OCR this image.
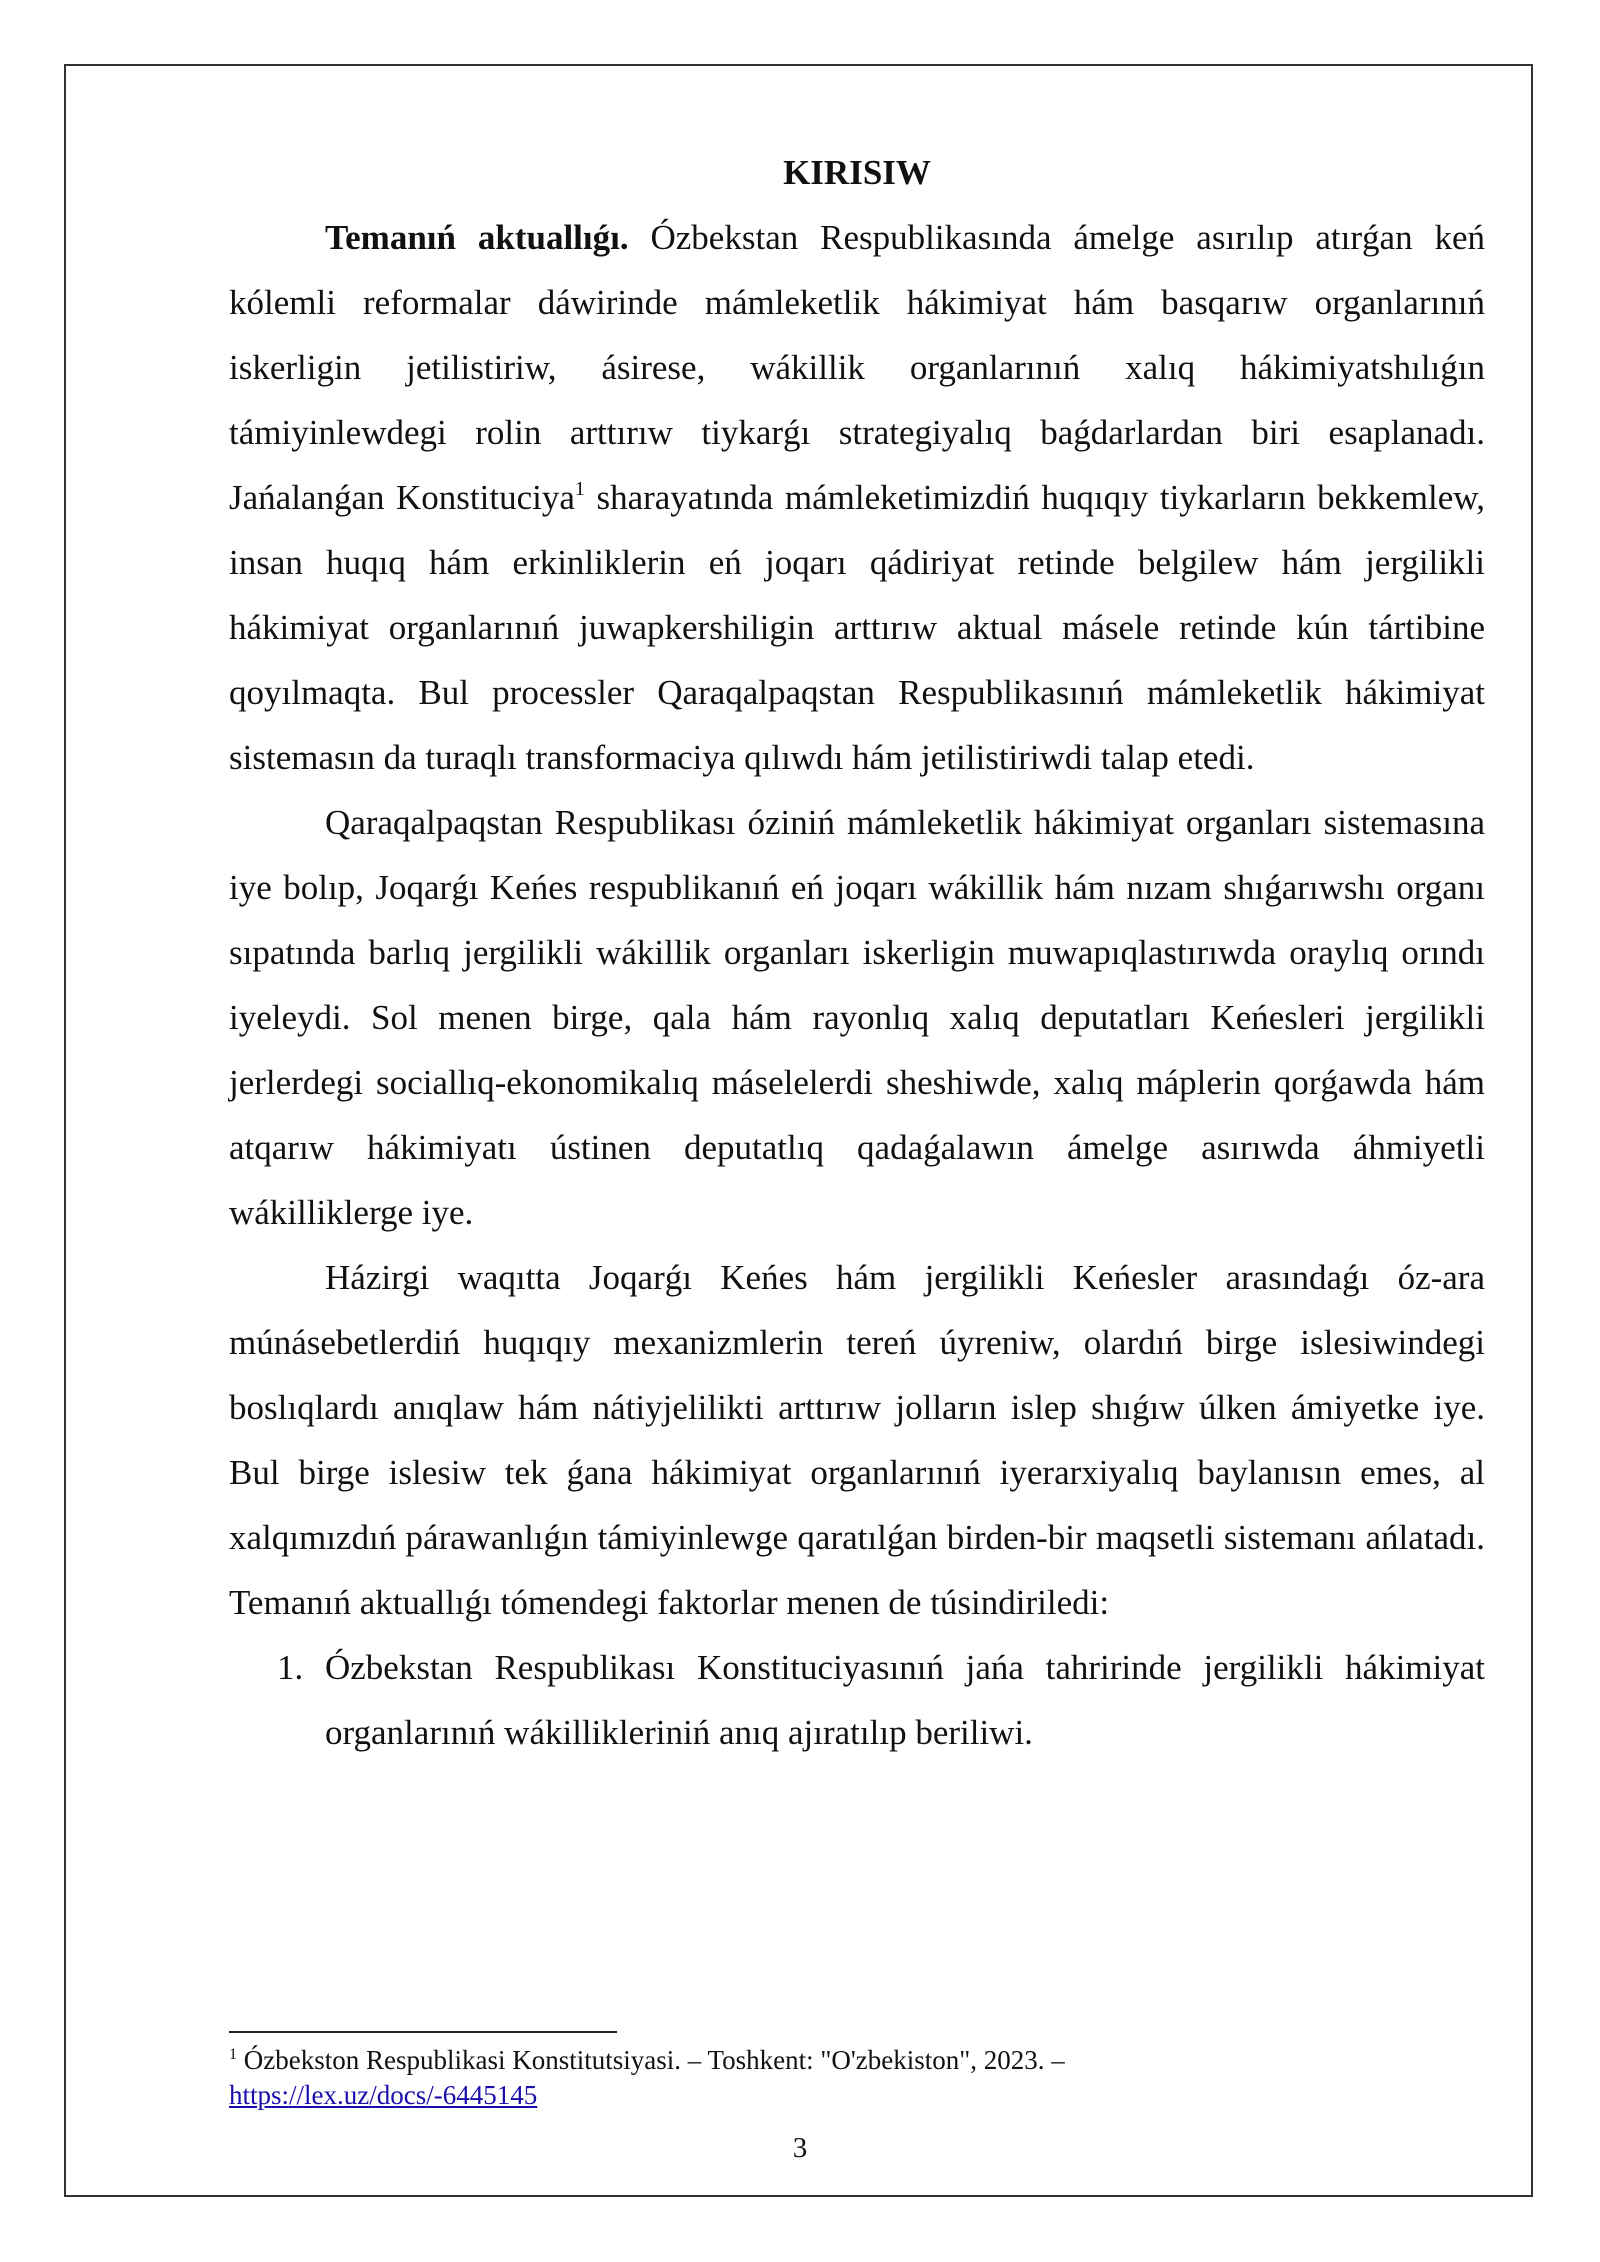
KIRISIW

Temanıń aktuallıǵı. Ózbekstan Respublikasında ámelge asırılıp atırǵan keń kólemli reformalar dáwirinde mámleketlik hákimiyat hám basqarıw organlarınıń iskerligin jetilistiriw, ásirese, wákillik organlarınıń xalıq hákimiyatshılıǵın támiyinlewdegi rolin arttırıw tiykarǵı strategiyalıq baǵdarlardan biri esaplanadı. Jańalanǵan Konstituciya$^1$ sharayatında mámleketimizdiń huqıqıy tiykarların bekkemlew, insan huqıq hám erkinliklerin eń joqarı qádiriyat retinde belgilew hám jergilikli hákimiyat organlarınıń juwapkershiligin arttırıw aktual másele retinde kún tártibine qoyılmaqta. Bul processler Qaraqalpaqstan Respublikasınıń mámleketlik hákimiyat sistemasın da turaqlı transformaciya qılıwdı hám jetilistiriwdi talap etedi.

Qaraqalpaqstan Respublikası óziniń mámleketlik hákimiyat organları sistemasına iye bolıp, Joqarǵı Keńes respublikanıń eń joqarı wákillik hám nızam shıǵarıwshı organı sıpatında barlıq jergilikli wákillik organları iskerligin muwapıqlastırıwda oraylıq orındı iyeleydi. Sol menen birge, qala hám rayonlıq xalıq deputatları Keńesleri jergilikli jerlerdegi sociallıq-ekonomikalıq máselelerdi sheshiwde, xalıq máplerin qorǵawda hám atqarıw hákimiyatı ústinen deputatlıq qadaǵalawın ámelge asırıwda áhmiyetli wákilliklerge iye.

Házirgi waqıtta Joqarǵı Keńes hám jergilikli Keńesler arasındaǵı óz-ara múnásebetlerdiń huqıqıy mexanizmlerin tereń úyreniw, olardıń birge islesiwindegi boslıqlardı anıqlaw hám nátiyjelilikti arttırıw jolların islep shıǵıw úlken ámiyetke iye. Bul birge islesiw tek ǵana hákimiyat organlarınıń iyerarxiyalıq baylanısın emes, al xalqımızdıń párawanlıǵın támiyinlewge qaratılǵan birden-bir maqsetli sistemanı ańlatadı. Temanıń aktuallıǵı tómendegi faktorlar menen de túsindiriledi:

1. Ózbekstan Respublikası Konstituciyasınıń jańa tahririnde jergilikli hákimiyat organlarınıń wákillikleriniń anıq ajıratılıp beriliwi.

$^1$ Ózbekston Respublikasi Konstitutsiyasi. – Toshkent: "O'zbekiston", 2023. –
https://lex.uz/docs/-6445145
3
